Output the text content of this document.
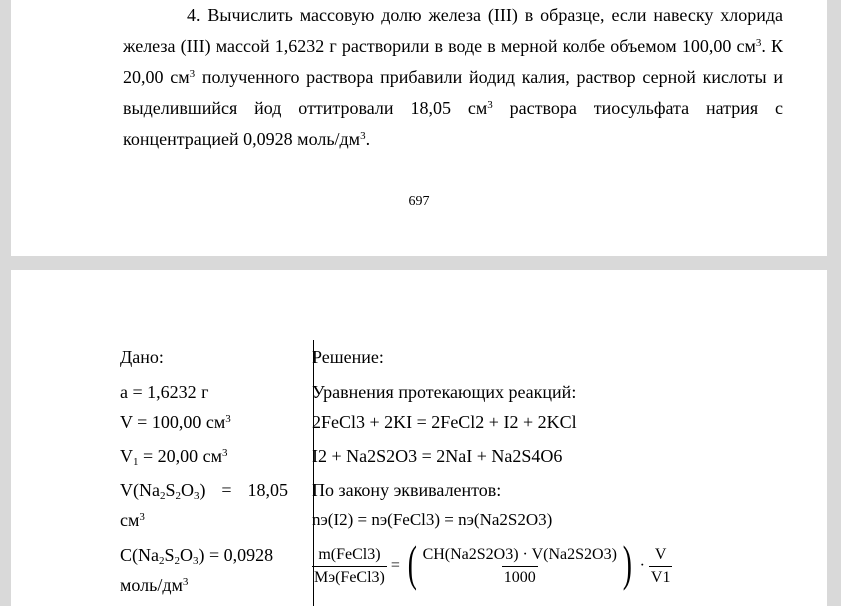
4. Вычислить массовую долю железа (III) в образце, если навеску хлорида железа (III) массой 1,6232 г растворили в воде в мерной колбе объемом 100,00 $см^3$. К 20,00 $см^3$ полученного раствора прибавили йодид калия, раствор серной кислоты и выделившийся йод оттитровали 18,05 $см^3$ раствора тиосульфата натрия с концентрацией 0,0928 моль/$дм^3$.

697
Дано:
a = 1,6232 г
V = 100,00 $см^3$
$V_1 = 20,00$ $см^3$
$V(Na_2S_2O_3) = 18,05$
$см^3$
$C(Na_2S_2O_3) = 0,0928$
моль/$дм^3$
Решение:
Уравнения протекающих реакций:
2FeCl3 + 2KI = 2FeCl2 + I2 + 2KCl
I2 + Na2S2O3 = 2NaI + Na2S4O6
По закону эквивалентов:
nэ(I2) = nэ(FeCl3) = nэ(Na2S2O3)
$\frac{\text{m(FeCl3)}}{\text{Mэ(FeCl3)}}$ = ( $\frac{CH(Na2S2O3) \cdot V(Na2S2O3)}{1000}$ ) · $\frac{V}{V1}$
